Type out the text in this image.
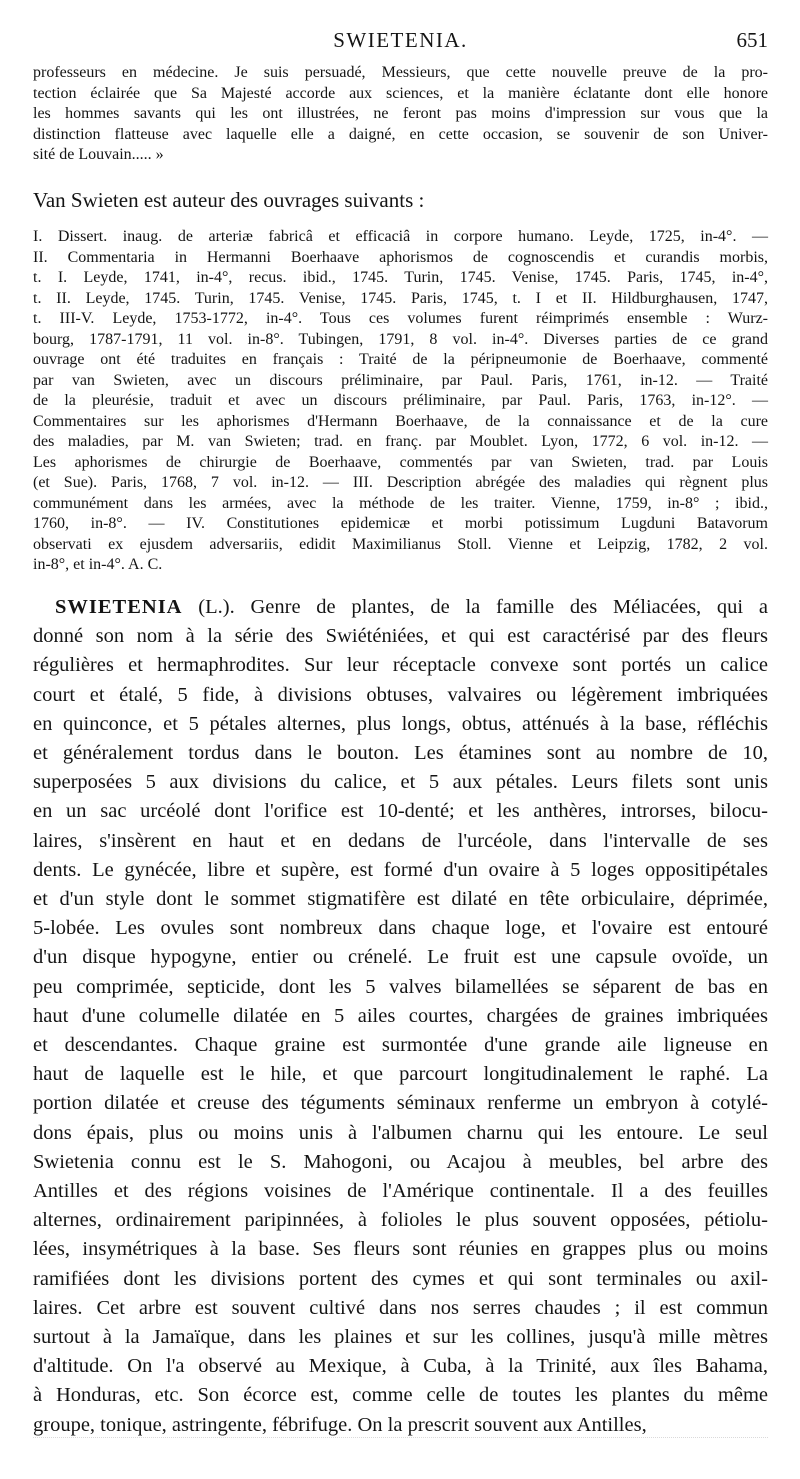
SWIETENIA.	651
professeurs en médecine. Je suis persuadé, Messieurs, que cette nouvelle preuve de la pro-
tection éclairée que Sa Majesté accorde aux sciences, et la manière éclatante dont elle honore
les hommes savants qui les ont illustrées, ne feront pas moins d'impression sur vous que la
distinction flatteuse avec laquelle elle a daigné, en cette occasion, se souvenir de son Univer-
sité de Louvain..... »
Van Swieten est auteur des ouvrages suivants :
I. Dissert. inaug. de arteriæ fabricâ et efficaciâ in corpore humano. Leyde, 1725, in-4°. —
II. Commentaria in Hermanni Boerhaave aphorismos de cognoscendis et curandis morbis,
t. I. Leyde, 1741, in-4°, recus. ibid., 1745. Turin, 1745. Venise, 1745. Paris, 1745, in-4°,
t. II. Leyde, 1745. Turin, 1745. Venise, 1745. Paris, 1745, t. I et II. Hildburghausen, 1747,
t. III-V. Leyde, 1753-1772, in-4°. Tous ces volumes furent réimprimés ensemble : Wurz-
bourg, 1787-1791, 11 vol. in-8°. Tubingen, 1791, 8 vol. in-4°. Diverses parties de ce grand
ouvrage ont été traduites en français : Traité de la péripneumonie de Boerhaave, commenté
par van Swieten, avec un discours préliminaire, par Paul. Paris, 1761, in-12. — Traité
de la pleurésie, traduit et avec un discours préliminaire, par Paul. Paris, 1763, in-12°. —
Commentaires sur les aphorismes d'Hermann Boerhaave, de la connaissance et de la cure
des maladies, par M. van Swieten; trad. en franç. par Moublet. Lyon, 1772, 6 vol. in-12. —
Les aphorismes de chirurgie de Boerhaave, commentés par van Swieten, trad. par Louis
(et Sue). Paris, 1768, 7 vol. in-12. — III. Description abrégée des maladies qui règnent plus
communément dans les armées, avec la méthode de les traiter. Vienne, 1759, in-8° ; ibid.,
1760, in-8°. — IV. Constitutiones epidemicæ et morbi potissimum Lugduni Batavorum
observati ex ejusdem adversariis, edidit Maximilianus Stoll. Vienne et Leipzig, 1782, 2 vol.
in-8°, et in-4°. A. C.
SWIETENIA (L.). Genre de plantes, de la famille des Méliacées, qui a
donné son nom à la série des Swiéténiées, et qui est caractérisé par des fleurs
régulières et hermaphrodites. Sur leur réceptacle convexe sont portés un calice
court et étalé, 5 fide, à divisions obtuses, valvaires ou légèrement imbriquées
en quinconce, et 5 pétales alternes, plus longs, obtus, atténués à la base, réfléchis
et généralement tordus dans le bouton. Les étamines sont au nombre de 10,
superposées 5 aux divisions du calice, et 5 aux pétales. Leurs filets sont unis
en un sac urcéolé dont l'orifice est 10-denté; et les anthères, introrses, bilocu-
laires, s'insèrent en haut et en dedans de l'urcéole, dans l'intervalle de ses
dents. Le gynécée, libre et supère, est formé d'un ovaire à 5 loges oppositipétales
et d'un style dont le sommet stigmatifère est dilaté en tête orbiculaire, déprimée,
5-lobée. Les ovules sont nombreux dans chaque loge, et l'ovaire est entouré
d'un disque hypogyne, entier ou crénelé. Le fruit est une capsule ovoïde, un
peu comprimée, septicide, dont les 5 valves bilamellées se séparent de bas en
haut d'une columelle dilatée en 5 ailes courtes, chargées de graines imbriquées
et descendantes. Chaque graine est surmontée d'une grande aile ligneuse en
haut de laquelle est le hile, et que parcourt longitudinalement le raphé. La
portion dilatée et creuse des téguments séminaux renferme un embryon à cotylé-
dons épais, plus ou moins unis à l'albumen charnu qui les entoure. Le seul
Swietenia connu est le S. Mahogoni, ou Acajou à meubles, bel arbre des
Antilles et des régions voisines de l'Amérique continentale. Il a des feuilles
alternes, ordinairement paripinnées, à folioles le plus souvent opposées, pétiolu-
lées, insymétriques à la base. Ses fleurs sont réunies en grappes plus ou moins
ramifiées dont les divisions portent des cymes et qui sont terminales ou axil-
laires. Cet arbre est souvent cultivé dans nos serres chaudes ; il est commun
surtout à la Jamaïque, dans les plaines et sur les collines, jusqu'à mille mètres
d'altitude. On l'a observé au Mexique, à Cuba, à la Trinité, aux îles Bahama,
à Honduras, etc. Son écorce est, comme celle de toutes les plantes du même
groupe, tonique, astringente, fébrifuge. On la prescrit souvent aux Antilles,
